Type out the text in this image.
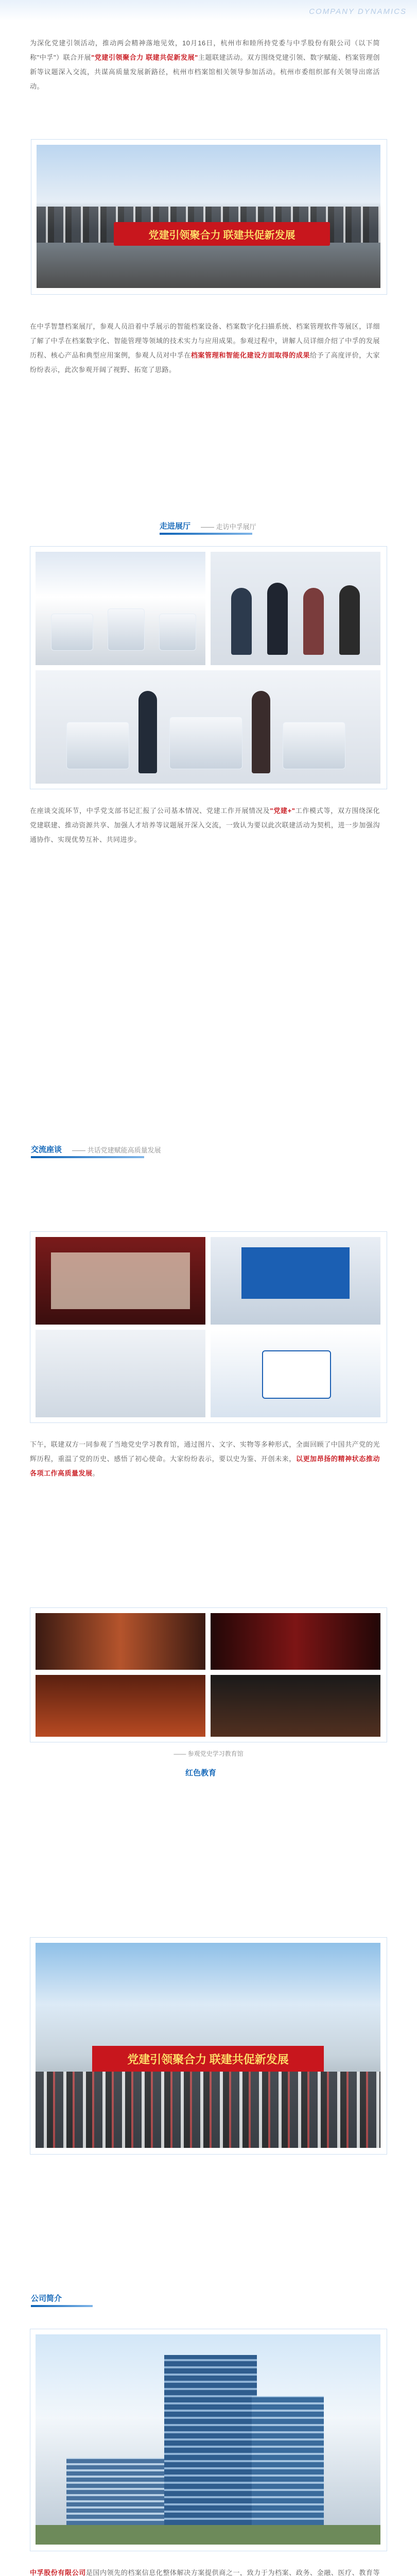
COMPANY DYNAMICS
为深化党建引领活动，推动两会精神落地见效，10月16日，杭州市和睦所持党委与中孚股份有限公司（以下简称"中孚"）联合开展"党建引领聚合力 联建共促新发展"主题联建活动。双方围绕党建引领、数字赋能、档案管理创新等议题深入交流，共谋高质量发展新路径，杭州市档案馆相关领导参加活动。杭州市委组织部有关领导出席活动。
党建引领聚合力 联建共促新发展
在中孚智慧档案展厅，参观人员沿着中孚展示的智能档案设备、档案数字化扫描系统、档案管理软件等展区，详细了解了中孚在档案数字化、智能管理等领域的技术实力与应用成果。参观过程中，讲解人员详细介绍了中孚的发展历程、核心产品和典型应用案例，参观人员对中孚在档案管理和智能化建设方面取得的成果给予了高度评价，大家纷纷表示，此次参观开阔了视野、拓宽了思路。
走进展厅 —— 走访中孚展厅
在座谈交流环节，中孚党支部书记汇报了公司基本情况、党建工作开展情况及"党建+"工作模式等，双方围绕深化党建联建、推动资源共享、加强人才培养等议题展开深入交流，一致认为要以此次联建活动为契机，进一步加强沟通协作、实现优势互补、共同进步。
交流座谈 —— 共话党建赋能高质量发展
下午，联建双方一同参观了当地党史学习教育馆，通过图片、文字、实物等多种形式，全面回顾了中国共产党的光辉历程，重温了党的历史、感悟了初心使命。大家纷纷表示，要以史为鉴、开创未来，以更加昂扬的精神状态推动各项工作高质量发展。
—— 参观党史学习教育馆
红色教育
党建引领聚合力 联建共促新发展
公司简介
中孚股份有限公司是国内领先的档案信息化整体解决方案提供商之一，致力于为档案、政务、金融、医疗、教育等
